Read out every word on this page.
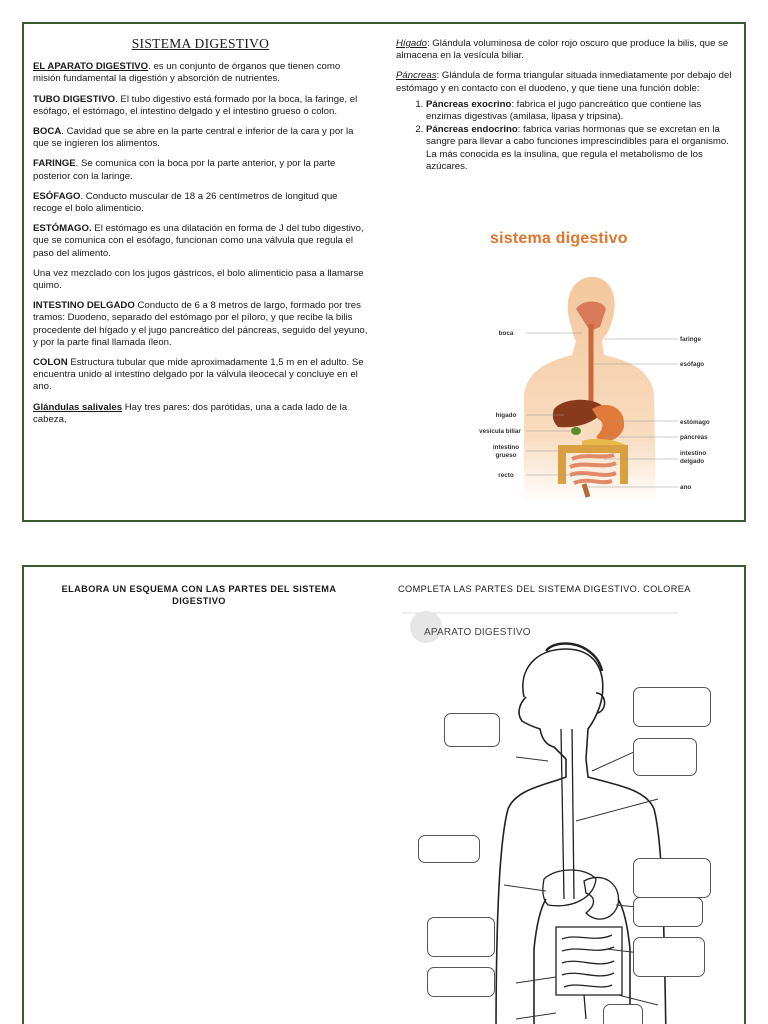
SISTEMA DIGESTIVO

EL APARATO DIGESTIVO. es un conjunto de órganos que tienen como misión fundamental la digestión y absorción de nutrientes.

TUBO DIGESTIVO. El tubo digestivo está formado por la boca, la faringe, el esófago, el estómago, el intestino delgado y el intestino grueso o colon.

BOCA. Cavidad que se abre en la parte central e inferior de la cara y por la que se ingieren los alimentos.

FARINGE. Se comunica con la boca por la parte anterior, y por la parte posterior con la laringe.

ESÓFAGO. Conducto muscular de 18 a 26 centímetros de longitud que recoge el bolo alimenticio.

ESTÓMAGO. El estómago es una dilatación en forma de J del tubo digestivo, que se comunica con el esófago, funcionan como una válvula que regula el paso del alimento.

Una vez mezclado con los jugos gástricos, el bolo alimenticio pasa a llamarse quimo.

INTESTINO DELGADO Conducto de 6 a 8 metros de largo, formado por tres tramos: Duodeno, separado del estómago por el píloro, y que recibe la bilis procedente del hígado y el jugo pancreático del páncreas, seguido del yeyuno, y por la parte final llamada íleon.

COLON Estructura tubular que mide aproximadamente 1,5 m en el adulto. Se encuentra unido al intestino delgado por la válvula ileocecal y concluye en el ano.

Glándulas salivales Hay tres pares: dos parótidas, una a cada lado de la cabeza,

Hígado: Glándula voluminosa de color rojo oscuro que produce la bilis, que se almacena en la vesícula biliar.

Páncreas: Glándula de forma triangular situada inmediatamente por debajo del estómago y en contacto con el duodeno, y que tiene una función doble:

1. Páncreas exocrino: fabrica el jugo pancreático que contiene las enzimas digestivas (amilasa, lipasa y tripsina).
2. Páncreas endocrino: fabrica varias hormonas que se excretan en la sangre para llevar a cabo funciones imprescindibles para el organismo. La más conocida es la insulina, que regula el metabolismo de los azúcares.
sistema digestivo
boca
hígado
vesícula biliar
intestino
grueso
recto
faringe
esófago
estómago
páncreas
intestino
delgado
ano
ELABORA UN ESQUEMA CON LAS PARTES DEL SISTEMA DIGESTIVO
COMPLETA LAS PARTES DEL SISTEMA DIGESTIVO. COLOREA
APARATO DIGESTIVO
